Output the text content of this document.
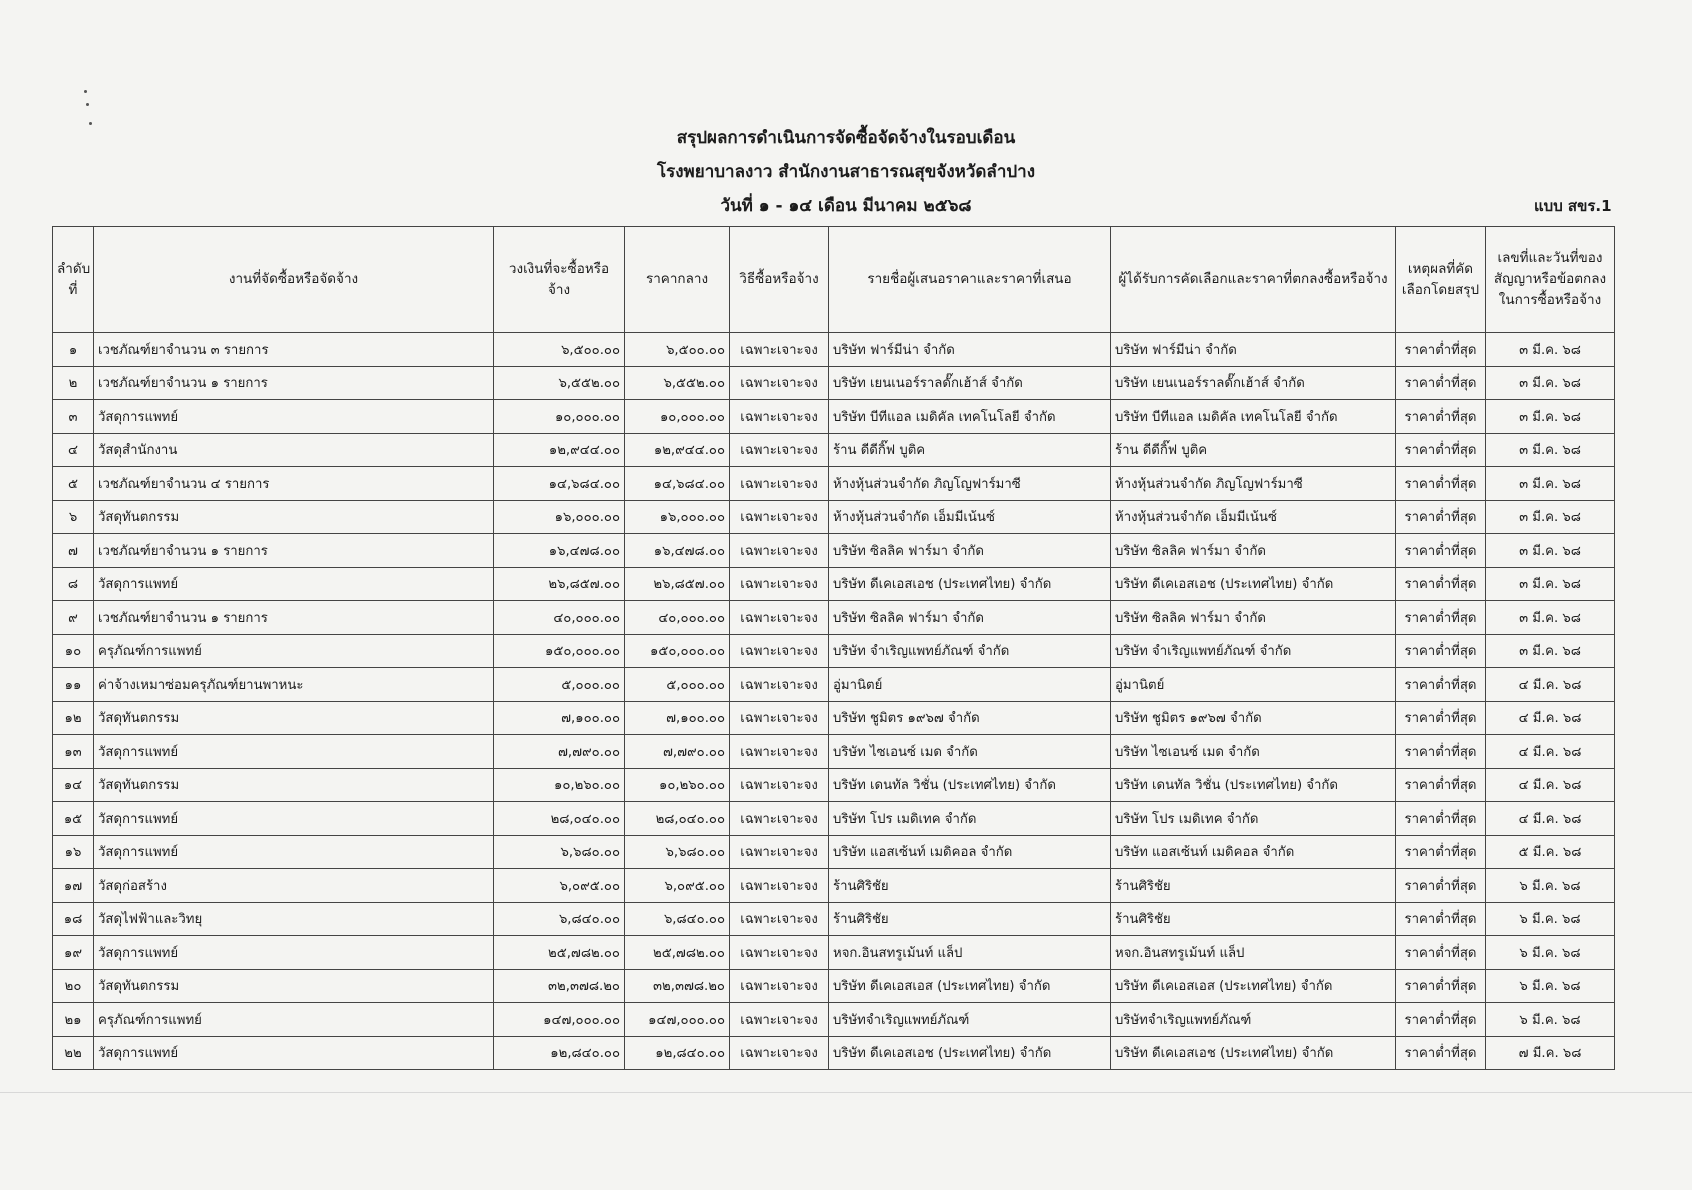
สรุปผลการดำเนินการจัดซื้อจัดจ้างในรอบเดือน
โรงพยาบาลงาว สำนักงานสาธารณสุขจังหวัดลำปาง
วันที่ ๑ - ๑๔ เดือน มีนาคม ๒๕๖๘	แบบ สขร.1
ลำดับที่	งานที่จัดซื้อหรือจัดจ้าง	วงเงินที่จะซื้อหรือจ้าง	ราคากลาง	วิธีซื้อหรือจ้าง	รายชื่อผู้เสนอราคาและราคาที่เสนอ	ผู้ได้รับการคัดเลือกและราคาที่ตกลงซื้อหรือจ้าง	เหตุผลที่คัดเลือกโดยสรุป	เลขที่และวันที่ของสัญญาหรือข้อตกลงในการซื้อหรือจ้าง
๑	เวชภัณฑ์ยาจำนวน ๓ รายการ	๖,๕๐๐.๐๐	๖,๕๐๐.๐๐	เฉพาะเจาะจง	บริษัท ฟาร์มีน่า จำกัด	บริษัท ฟาร์มีน่า จำกัด	ราคาต่ำที่สุด	๓ มี.ค. ๖๘
๒	เวชภัณฑ์ยาจำนวน ๑ รายการ	๖,๕๕๒.๐๐	๖,๕๕๒.๐๐	เฉพาะเจาะจง	บริษัท เยนเนอร์ราลดั๊กเฮ้าส์ จำกัด	บริษัท เยนเนอร์ราลดั๊กเฮ้าส์ จำกัด	ราคาต่ำที่สุด	๓ มี.ค. ๖๘
๓	วัสดุการแพทย์	๑๐,๐๐๐.๐๐	๑๐,๐๐๐.๐๐	เฉพาะเจาะจง	บริษัท บีทีแอล เมดิคัล เทคโนโลยี จำกัด	บริษัท บีทีแอล เมดิคัล เทคโนโลยี จำกัด	ราคาต่ำที่สุด	๓ มี.ค. ๖๘
๔	วัสดุสำนักงาน	๑๒,๙๔๔.๐๐	๑๒,๙๔๔.๐๐	เฉพาะเจาะจง	ร้าน ดีดีกิ๊ฟ บูติค	ร้าน ดีดีกิ๊ฟ บูติค	ราคาต่ำที่สุด	๓ มี.ค. ๖๘
๕	เวชภัณฑ์ยาจำนวน ๔ รายการ	๑๔,๖๘๔.๐๐	๑๔,๖๘๔.๐๐	เฉพาะเจาะจง	ห้างหุ้นส่วนจำกัด ภิญโญฟาร์มาซี	ห้างหุ้นส่วนจำกัด ภิญโญฟาร์มาซี	ราคาต่ำที่สุด	๓ มี.ค. ๖๘
๖	วัสดุทันตกรรม	๑๖,๐๐๐.๐๐	๑๖,๐๐๐.๐๐	เฉพาะเจาะจง	ห้างหุ้นส่วนจำกัด เอ็มมีเน้นซ์	ห้างหุ้นส่วนจำกัด เอ็มมีเน้นซ์	ราคาต่ำที่สุด	๓ มี.ค. ๖๘
๗	เวชภัณฑ์ยาจำนวน ๑ รายการ	๑๖,๔๗๘.๐๐	๑๖,๔๗๘.๐๐	เฉพาะเจาะจง	บริษัท ซิลลิค ฟาร์มา จำกัด	บริษัท ซิลลิค ฟาร์มา จำกัด	ราคาต่ำที่สุด	๓ มี.ค. ๖๘
๘	วัสดุการแพทย์	๒๖,๘๕๗.๐๐	๒๖,๘๕๗.๐๐	เฉพาะเจาะจง	บริษัท ดีเคเอสเอช (ประเทศไทย) จำกัด	บริษัท ดีเคเอสเอช (ประเทศไทย) จำกัด	ราคาต่ำที่สุด	๓ มี.ค. ๖๘
๙	เวชภัณฑ์ยาจำนวน ๑ รายการ	๔๐,๐๐๐.๐๐	๔๐,๐๐๐.๐๐	เฉพาะเจาะจง	บริษัท ซิลลิค ฟาร์มา จำกัด	บริษัท ซิลลิค ฟาร์มา จำกัด	ราคาต่ำที่สุด	๓ มี.ค. ๖๘
๑๐	ครุภัณฑ์การแพทย์	๑๕๐,๐๐๐.๐๐	๑๕๐,๐๐๐.๐๐	เฉพาะเจาะจง	บริษัท จำเริญแพทย์ภัณฑ์ จำกัด	บริษัท จำเริญแพทย์ภัณฑ์ จำกัด	ราคาต่ำที่สุด	๓ มี.ค. ๖๘
๑๑	ค่าจ้างเหมาซ่อมครุภัณฑ์ยานพาหนะ	๕,๐๐๐.๐๐	๕,๐๐๐.๐๐	เฉพาะเจาะจง	อู่มานิตย์	อู่มานิตย์	ราคาต่ำที่สุด	๔ มี.ค. ๖๘
๑๒	วัสดุทันตกรรม	๗,๑๐๐.๐๐	๗,๑๐๐.๐๐	เฉพาะเจาะจง	บริษัท ชูมิตร ๑๙๖๗ จำกัด	บริษัท ชูมิตร ๑๙๖๗ จำกัด	ราคาต่ำที่สุด	๔ มี.ค. ๖๘
๑๓	วัสดุการแพทย์	๗,๗๙๐.๐๐	๗,๗๙๐.๐๐	เฉพาะเจาะจง	บริษัท ไซเอนซ์ เมด จำกัด	บริษัท ไซเอนซ์ เมด จำกัด	ราคาต่ำที่สุด	๔ มี.ค. ๖๘
๑๔	วัสดุทันตกรรม	๑๐,๒๖๐.๐๐	๑๐,๒๖๐.๐๐	เฉพาะเจาะจง	บริษัท เดนทัล วิชั่น (ประเทศไทย) จำกัด	บริษัท เดนทัล วิชั่น (ประเทศไทย) จำกัด	ราคาต่ำที่สุด	๔ มี.ค. ๖๘
๑๕	วัสดุการแพทย์	๒๘,๐๔๐.๐๐	๒๘,๐๔๐.๐๐	เฉพาะเจาะจง	บริษัท โปร เมดิเทค จำกัด	บริษัท โปร เมดิเทค จำกัด	ราคาต่ำที่สุด	๔ มี.ค. ๖๘
๑๖	วัสดุการแพทย์	๖,๖๘๐.๐๐	๖,๖๘๐.๐๐	เฉพาะเจาะจง	บริษัท แอสเซ้นท์ เมดิคอล จำกัด	บริษัท แอสเซ้นท์ เมดิคอล จำกัด	ราคาต่ำที่สุด	๕ มี.ค. ๖๘
๑๗	วัสดุก่อสร้าง	๖,๐๙๕.๐๐	๖,๐๙๕.๐๐	เฉพาะเจาะจง	ร้านศิริชัย	ร้านศิริชัย	ราคาต่ำที่สุด	๖ มี.ค. ๖๘
๑๘	วัสดุไฟฟ้าและวิทยุ	๖,๘๔๐.๐๐	๖,๘๔๐.๐๐	เฉพาะเจาะจง	ร้านศิริชัย	ร้านศิริชัย	ราคาต่ำที่สุด	๖ มี.ค. ๖๘
๑๙	วัสดุการแพทย์	๒๕,๗๘๒.๐๐	๒๕,๗๘๒.๐๐	เฉพาะเจาะจง	หจก.อินสทรูเม้นท์ แล็ป	หจก.อินสทรูเม้นท์ แล็ป	ราคาต่ำที่สุด	๖ มี.ค. ๖๘
๒๐	วัสดุทันตกรรม	๓๒,๓๗๘.๒๐	๓๒,๓๗๘.๒๐	เฉพาะเจาะจง	บริษัท ดีเคเอสเอส (ประเทศไทย) จำกัด	บริษัท ดีเคเอสเอส (ประเทศไทย) จำกัด	ราคาต่ำที่สุด	๖ มี.ค. ๖๘
๒๑	ครุภัณฑ์การแพทย์	๑๔๗,๐๐๐.๐๐	๑๔๗,๐๐๐.๐๐	เฉพาะเจาะจง	บริษัทจำเริญแพทย์ภัณฑ์	บริษัทจำเริญแพทย์ภัณฑ์	ราคาต่ำที่สุด	๖ มี.ค. ๖๘
๒๒	วัสดุการแพทย์	๑๒,๘๔๐.๐๐	๑๒,๘๔๐.๐๐	เฉพาะเจาะจง	บริษัท ดีเคเอสเอช (ประเทศไทย) จำกัด	บริษัท ดีเคเอสเอช (ประเทศไทย) จำกัด	ราคาต่ำที่สุด	๗ มี.ค. ๖๘
